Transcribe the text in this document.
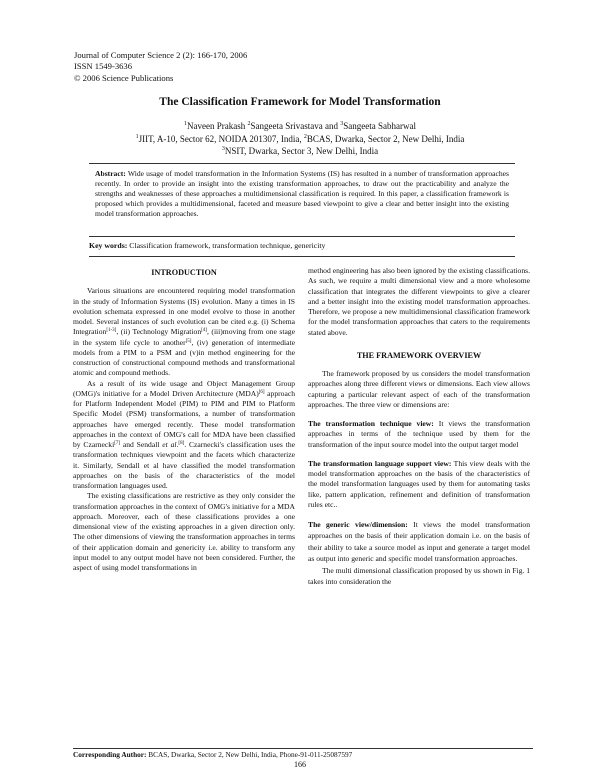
Journal of Computer Science 2 (2): 166-170, 2006
ISSN 1549-3636
© 2006 Science Publications
The Classification Framework for Model Transformation
$^1$Naveen Prakash $^2$Sangeeta Srivastava and $^3$Sangeeta Sabharwal
$^1$JIIT, A-10, Sector 62, NOIDA 201307, India, $^2$BCAS, Dwarka, Sector 2, New Delhi, India
$^3$NSIT, Dwarka, Sector 3, New Delhi, India
Abstract: Wide usage of model transformation in the Information Systems (IS) has resulted in a number of transformation approaches recently. In order to provide an insight into the existing transformation approaches, to draw out the practicability and analyze the strengths and weaknesses of these approaches a multidimensional classification is required. In this paper, a classification framework is proposed which provides a multidimensional, faceted and measure based viewpoint to give a clear and better insight into the existing model transformation approaches.
Key words: Classification framework, transformation technique, genericity
INTRODUCTION

Various situations are encountered requiring model transformation in the study of Information Systems (IS) evolution. Many a times in IS evolution schemata expressed in one model evolve to those in another model. Several instances of such evolution can be cited e.g. (i) Schema Integration[1-3], (ii) Technology Migration[4], (iii)moving from one stage in the system life cycle to another[5], (iv) generation of intermediate models from a PIM to a PSM and (v)in method engineering for the construction of constructional compound methods and transformational atomic and compound methods.

As a result of its wide usage and Object Management Group (OMG)'s initiative for a Model Driven Architecture (MDA)[6] approach for Platform Independent Model (PIM) to PIM and PIM to Platform Specific Model (PSM) transformations, a number of transformation approaches have emerged recently. These model transformation approaches in the context of OMG's call for MDA have been classified by Czarnecki[7] and Sendall et al.[8]. Czarnecki's classification uses the transformation techniques viewpoint and the facets which characterize it. Similarly, Sendall et al have classified the model transformation approaches on the basis of the characteristics of the model transformation languages used.

The existing classifications are restrictive as they only consider the transformation approaches in the context of OMG's initiative for a MDA approach. Moreover, each of these classifications provides a one dimensional view of the existing approaches in a given direction only. The other dimensions of viewing the transformation approaches in terms of their application domain and genericity i.e. ability to transform any input model to any output model have not been considered. Further, the aspect of using model transformations in

method engineering has also been ignored by the existing classifications. As such, we require a multi dimensional view and a more wholesome classification that integrates the different viewpoints to give a clearer and a better insight into the existing model transformation approaches. Therefore, we propose a new multidimensional classification framework for the model transformation approaches that caters to the requirements stated above.

THE FRAMEWORK OVERVIEW

The framework proposed by us considers the model transformation approaches along three different views or dimensions. Each view allows capturing a particular relevant aspect of each of the transformation approaches. The three view or dimensions are:

The transformation technique view: It views the transformation approaches in terms of the technique used by them for the transformation of the input source model into the output target model

The transformation language support view: This view deals with the model transformation approaches on the basis of the characteristics of the model transformation languages used by them for automating tasks like, pattern application, refinement and definition of transformation rules etc..

The generic view/dimension: It views the model transformation approaches on the basis of their application domain i.e. on the basis of their ability to take a source model as input and generate a target model as output into generic and specific model transformation approaches.

The multi dimensional classification proposed by us shown in Fig. 1 takes into consideration the

Corresponding Author: BCAS, Dwarka, Sector 2, New Delhi, India, Phone-91-011-25087597
166
